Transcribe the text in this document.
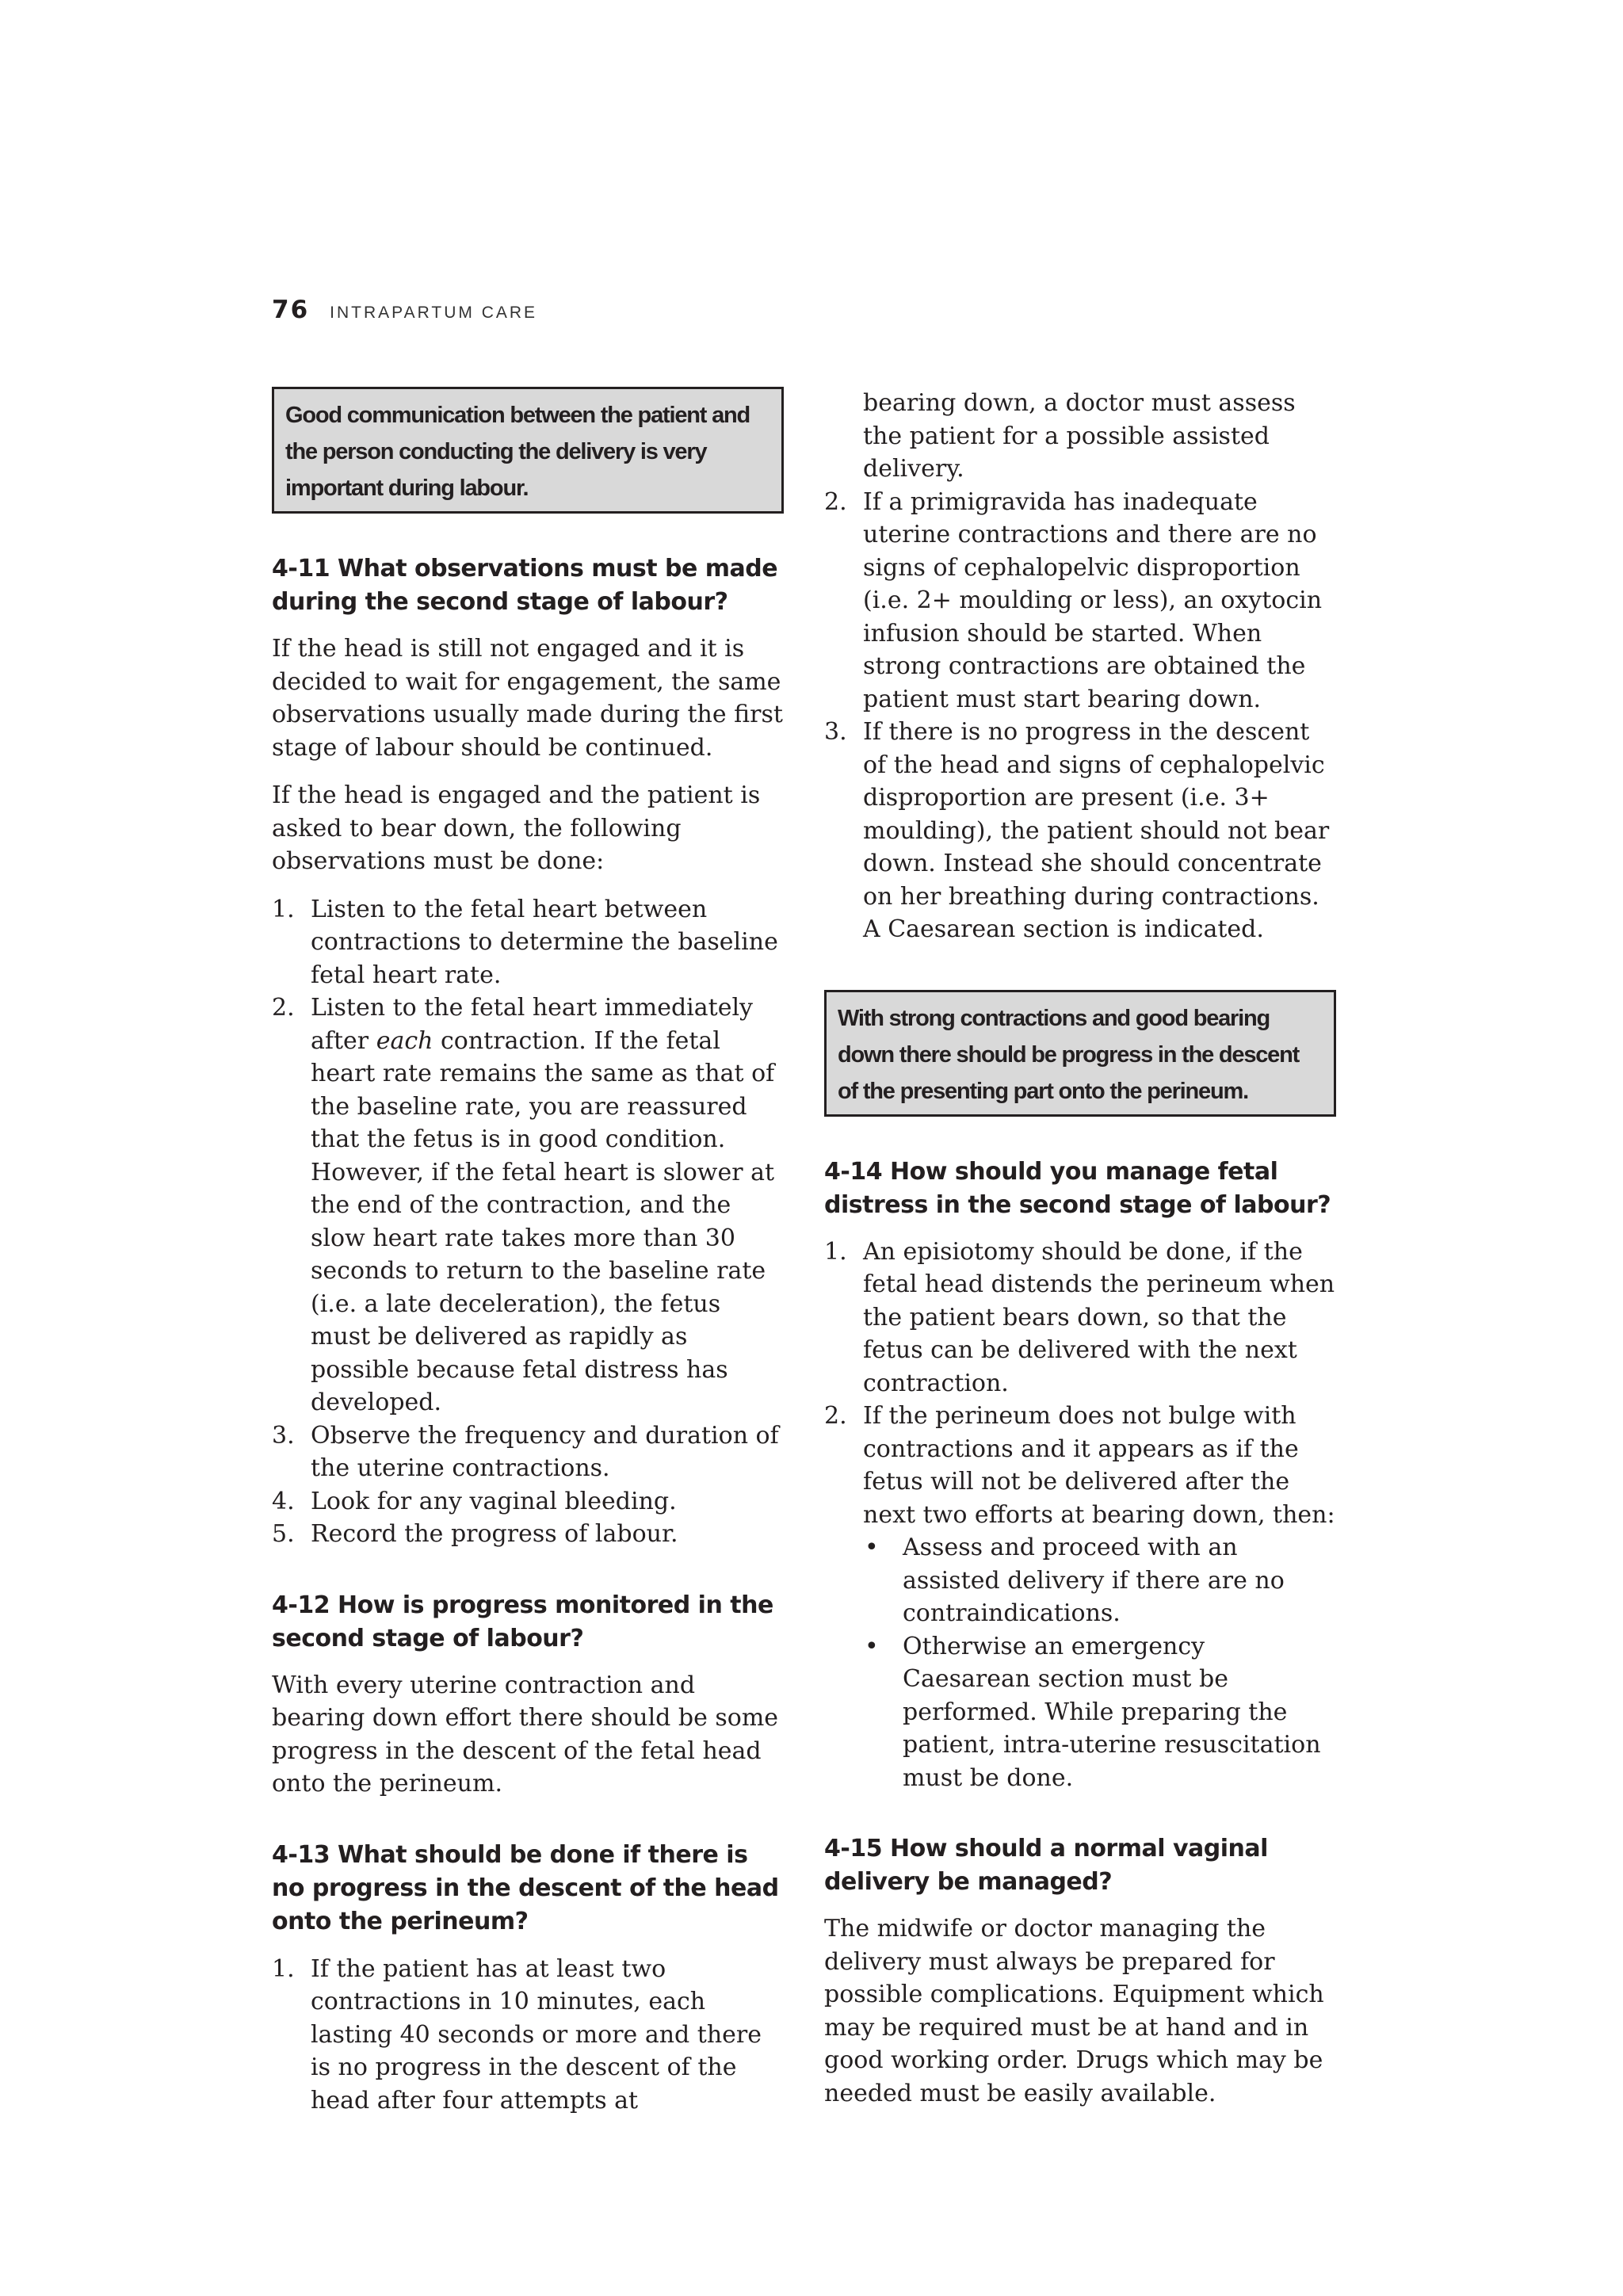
76 INTRAPARTUM CARE
Good communication between the patient and the person conducting the delivery is very important during labour.
4-11 What observations must be made during the second stage of labour?

If the head is still not engaged and it is decided to wait for engagement, the same observations usually made during the first stage of labour should be continued.

If the head is engaged and the patient is asked to bear down, the following observations must be done:

1. Listen to the fetal heart between contractions to determine the baseline fetal heart rate.
2. Listen to the fetal heart immediately after each contraction. If the fetal heart rate remains the same as that of the baseline rate, you are reassured that the fetus is in good condition. However, if the fetal heart is slower at the end of the contraction, and the slow heart rate takes more than 30 seconds to return to the baseline rate (i.e. a late deceleration), the fetus must be delivered as rapidly as possible because fetal distress has developed.
3. Observe the frequency and duration of the uterine contractions.
4. Look for any vaginal bleeding.
5. Record the progress of labour.
4-12 How is progress monitored in the second stage of labour?

With every uterine contraction and bearing down effort there should be some progress in the descent of the fetal head onto the perineum.

4-13 What should be done if there is no progress in the descent of the head onto the perineum?
1. If the patient has at least two contractions in 10 minutes, each lasting 40 seconds or more and there is no progress in the descent of the head after four attempts at
bearing down, a doctor must assess the patient for a possible assisted delivery.
2. If a primigravida has inadequate uterine contractions and there are no signs of cephalopelvic disproportion (i.e. 2+ moulding or less), an oxytocin infusion should be started. When strong contractions are obtained the patient must start bearing down.
3. If there is no progress in the descent of the head and signs of cephalopelvic disproportion are present (i.e. 3+ moulding), the patient should not bear down. Instead she should concentrate on her breathing during contractions. A Caesarean section is indicated.
With strong contractions and good bearing down there should be progress in the descent of the presenting part onto the perineum.
4-14 How should you manage fetal distress in the second stage of labour?
1. An episiotomy should be done, if the fetal head distends the perineum when the patient bears down, so that the fetus can be delivered with the next contraction.
2. If the perineum does not bulge with contractions and it appears as if the fetus will not be delivered after the next two efforts at bearing down, then:
•	Assess and proceed with an assisted delivery if there are no contraindications.
•	Otherwise an emergency Caesarean section must be performed. While preparing the patient, intra-uterine resuscitation must be done.
4-15 How should a normal vaginal delivery be managed?

The midwife or doctor managing the delivery must always be prepared for possible complications. Equipment which may be required must be at hand and in good working order. Drugs which may be needed must be easily available.
